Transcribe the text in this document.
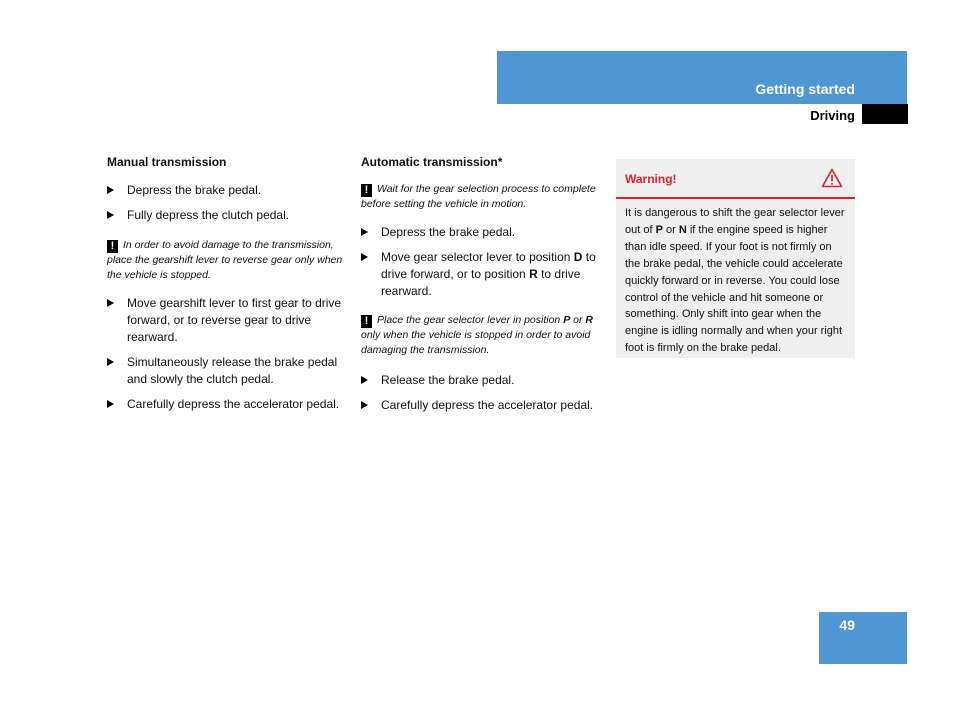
Getting started
Driving
Manual transmission
Depress the brake pedal.
Fully depress the clutch pedal.
! In order to avoid damage to the transmission, place the gearshift lever to reverse gear only when the vehicle is stopped.
Move gearshift lever to first gear to drive forward, or to reverse gear to drive rearward.
Simultaneously release the brake pedal and slowly the clutch pedal.
Carefully depress the accelerator pedal.
Automatic transmission*
! Wait for the gear selection process to complete before setting the vehicle in motion.
Depress the brake pedal.
Move gear selector lever to position D to drive forward, or to position R to drive rearward.
! Place the gear selector lever in position P or R only when the vehicle is stopped in order to avoid damaging the transmission.
Release the brake pedal.
Carefully depress the accelerator pedal.
Warning!
It is dangerous to shift the gear selector lever out of P or N if the engine speed is higher than idle speed. If your foot is not firmly on the brake pedal, the vehicle could accelerate quickly forward or in reverse. You could lose control of the vehicle and hit someone or something. Only shift into gear when the engine is idling normally and when your right foot is firmly on the brake pedal.
49
